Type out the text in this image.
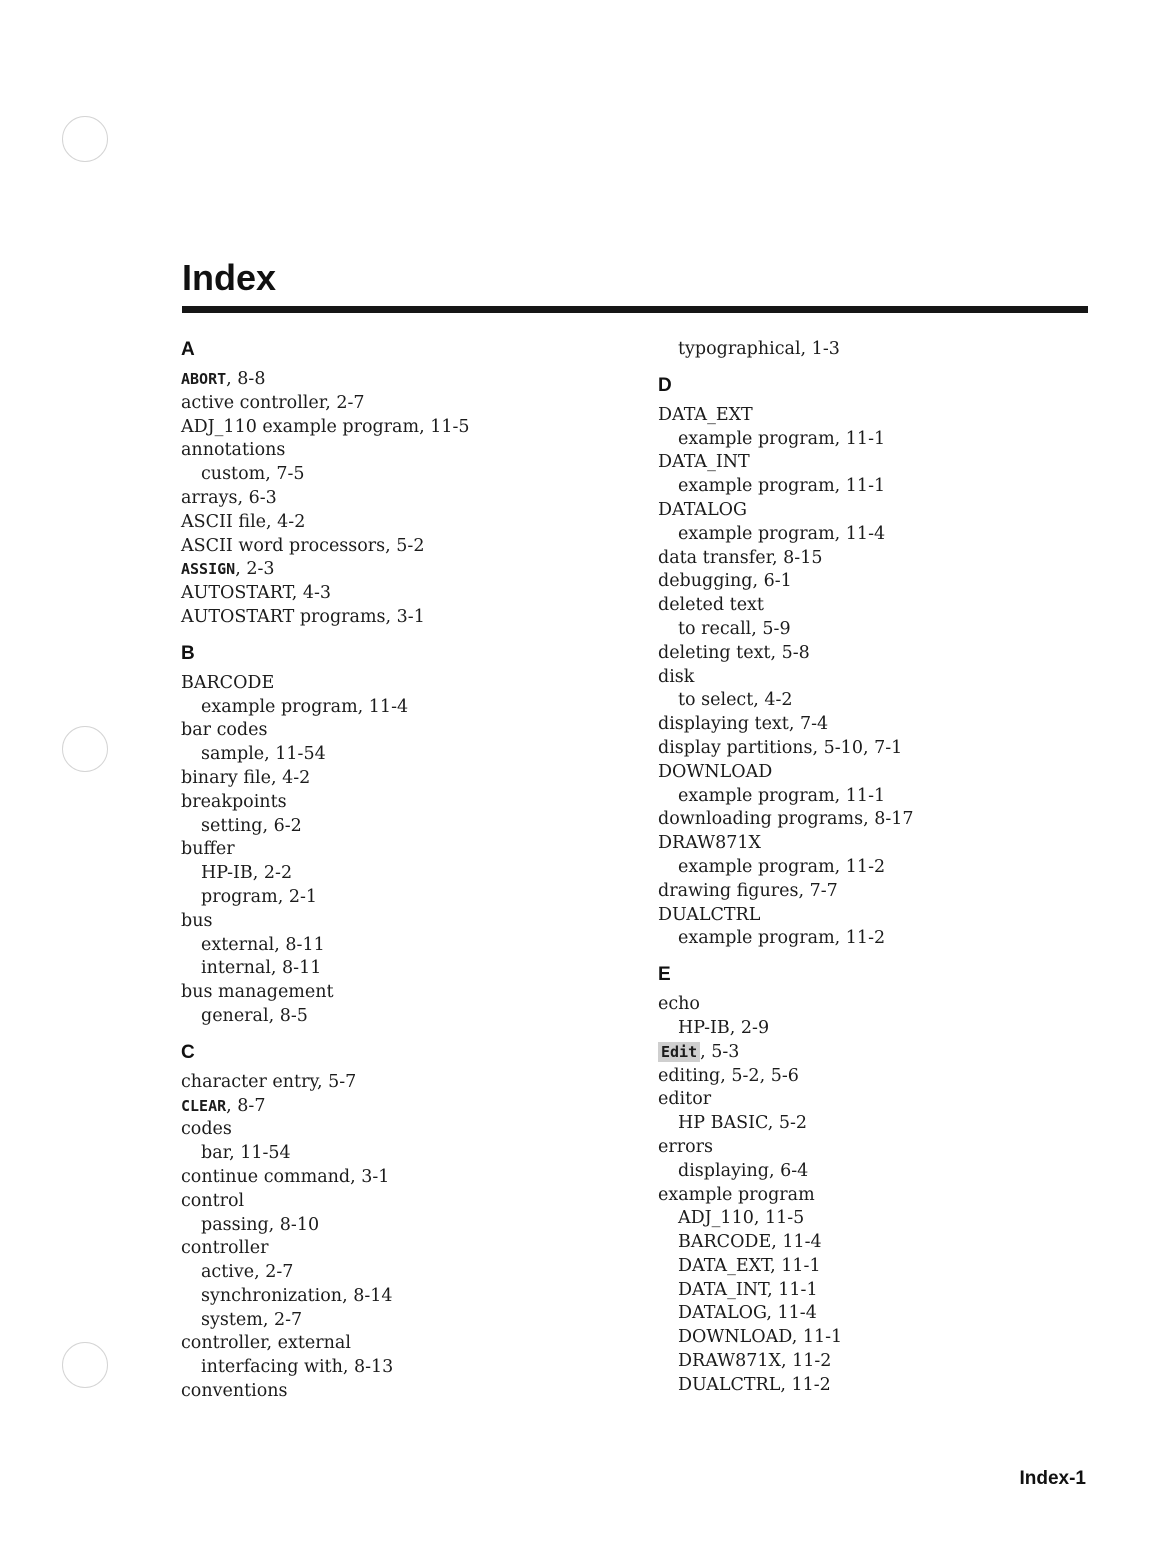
Index
A
ABORT, 8-8
active controller, 2-7
ADJ_110 example program, 11-5
annotations
custom, 7-5
arrays, 6-3
ASCII file, 4-2
ASCII word processors, 5-2
ASSIGN, 2-3
AUTOSTART, 4-3
AUTOSTART programs, 3-1
B
BARCODE
example program, 11-4
bar codes
sample, 11-54
binary file, 4-2
breakpoints
setting, 6-2
buffer
HP-IB, 2-2
program, 2-1
bus
external, 8-11
internal, 8-11
bus management
general, 8-5
C
character entry, 5-7
CLEAR, 8-7
codes
bar, 11-54
continue command, 3-1
control
passing, 8-10
controller
active, 2-7
synchronization, 8-14
system, 2-7
controller, external
interfacing with, 8-13
conventions
typographical, 1-3
D
DATA_EXT
example program, 11-1
DATA_INT
example program, 11-1
DATALOG
example program, 11-4
data transfer, 8-15
debugging, 6-1
deleted text
to recall, 5-9
deleting text, 5-8
disk
to select, 4-2
displaying text, 7-4
display partitions, 5-10, 7-1
DOWNLOAD
example program, 11-1
downloading programs, 8-17
DRAW871X
example program, 11-2
drawing figures, 7-7
DUALCTRL
example program, 11-2
E
echo
HP-IB, 2-9
Edit , 5-3
editing, 5-2, 5-6
editor
HP BASIC, 5-2
errors
displaying, 6-4
example program
ADJ_110, 11-5
BARCODE, 11-4
DATA_EXT, 11-1
DATA_INT, 11-1
DATALOG, 11-4
DOWNLOAD, 11-1
DRAW871X, 11-2
DUALCTRL, 11-2
Index-1
